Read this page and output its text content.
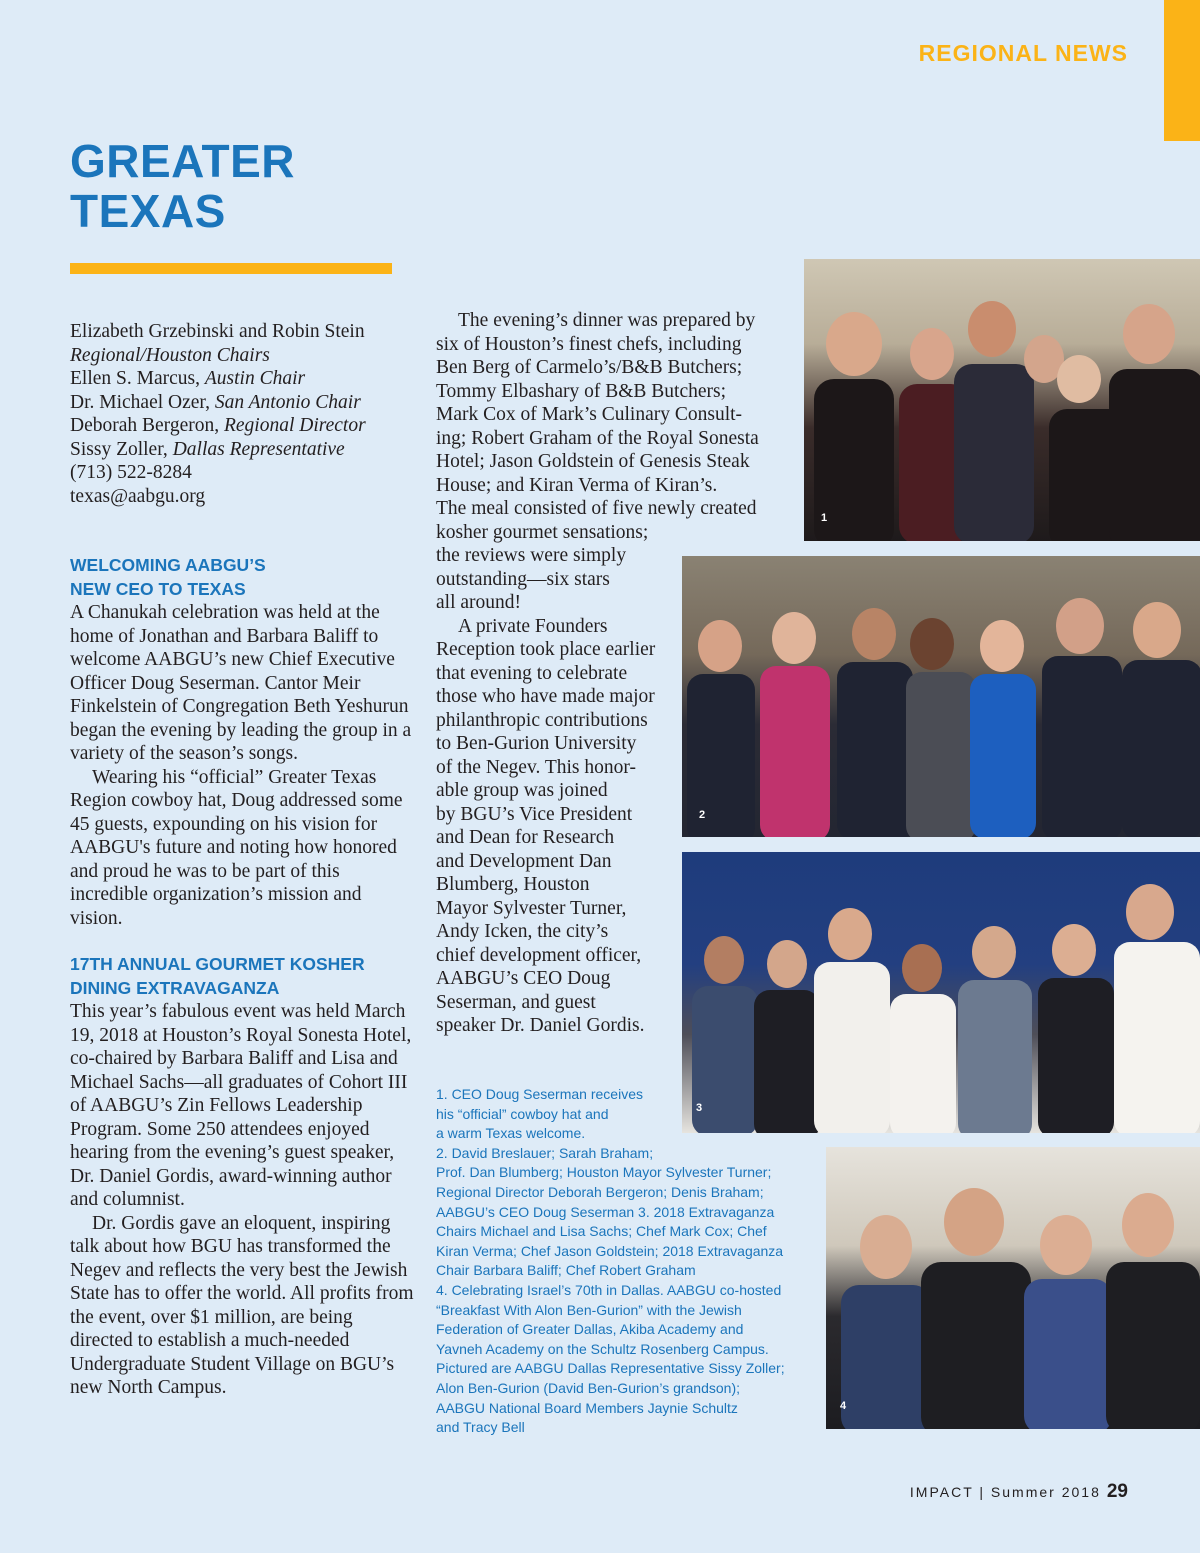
REGIONAL NEWS
GREATER
TEXAS
Elizabeth Grzebinski and Robin Stein
Regional/Houston Chairs
Ellen S. Marcus, Austin Chair
Dr. Michael Ozer, San Antonio Chair
Deborah Bergeron, Regional Director
Sissy Zoller, Dallas Representative
(713) 522-8284
texas@aabgu.org
WELCOMING AABGU’S
NEW CEO TO TEXAS

A Chanukah celebration was held at the home of Jonathan and Barbara Baliff to welcome AABGU’s new Chief Executive Officer Doug Seserman. Cantor Meir Finkelstein of Congregation Beth Yeshurun began the evening by leading the group in a variety of the season’s songs.

Wearing his “official” Greater Texas Region cowboy hat, Doug addressed some 45 guests, expounding on his vision for AABGU's future and noting how honored and proud he was to be part of this incredible organization’s mission and vision.

17TH ANNUAL GOURMET KOSHER
DINING EXTRAVAGANZA

This year’s fabulous event was held March 19, 2018 at Houston’s Royal Sonesta Hotel, co-chaired by Barbara Baliff and Lisa and Michael Sachs—all graduates of Cohort III of AABGU’s Zin Fellows Leadership Program. Some 250 attendees enjoyed hearing from the evening’s guest speaker, Dr. Daniel Gordis, award-winning author and columnist.

Dr. Gordis gave an eloquent, inspiring talk about how BGU has transformed the Negev and reflects the very best the Jewish State has to offer the world. All profits from the event, over $1 million, are being directed to establish a much-needed Undergraduate Student Village on BGU’s new North Campus.

The evening’s dinner was prepared by
six of Houston’s finest chefs, including
Ben Berg of Carmelo’s/B&B Butchers;
Tommy Elbashary of B&B Butchers;
Mark Cox of Mark’s Culinary Consult-
ing; Robert Graham of the Royal Sonesta
Hotel; Jason Goldstein of Genesis Steak
House; and Kiran Verma of Kiran’s.
The meal consisted of five newly created
kosher gourmet sensations;
the reviews were simply
outstanding—six stars
all around!
A private Founders
Reception took place earlier
that evening to celebrate
those who have made major
philanthropic contributions
to Ben-Gurion University
of the Negev. This honor-
able group was joined
by BGU’s Vice President
and Dean for Research
and Development Dan
Blumberg, Houston
Mayor Sylvester Turner,
Andy Icken, the city’s
chief development officer,
AABGU’s CEO Doug
Seserman, and guest
speaker Dr. Daniel Gordis.
1
2
3
4
1. CEO Doug Seserman receives
his “official” cowboy hat and
a warm Texas welcome.
2. David Breslauer; Sarah Braham;
Prof. Dan Blumberg; Houston Mayor Sylvester Turner;
Regional Director Deborah Bergeron; Denis Braham;
AABGU’s CEO Doug Seserman 3. 2018 Extravaganza
Chairs Michael and Lisa Sachs; Chef Mark Cox; Chef
Kiran Verma; Chef Jason Goldstein; 2018 Extravaganza
Chair Barbara Baliff; Chef Robert Graham
4. Celebrating Israel’s 70th in Dallas. AABGU co-hosted
“Breakfast With Alon Ben-Gurion” with the Jewish
Federation of Greater Dallas, Akiba Academy and
Yavneh Academy on the Schultz Rosenberg Campus.
Pictured are AABGU Dallas Representative Sissy Zoller;
Alon Ben-Gurion (David Ben-Gurion’s grandson);
AABGU National Board Members Jaynie Schultz
and Tracy Bell
IMPACT | Summer 2018 29
